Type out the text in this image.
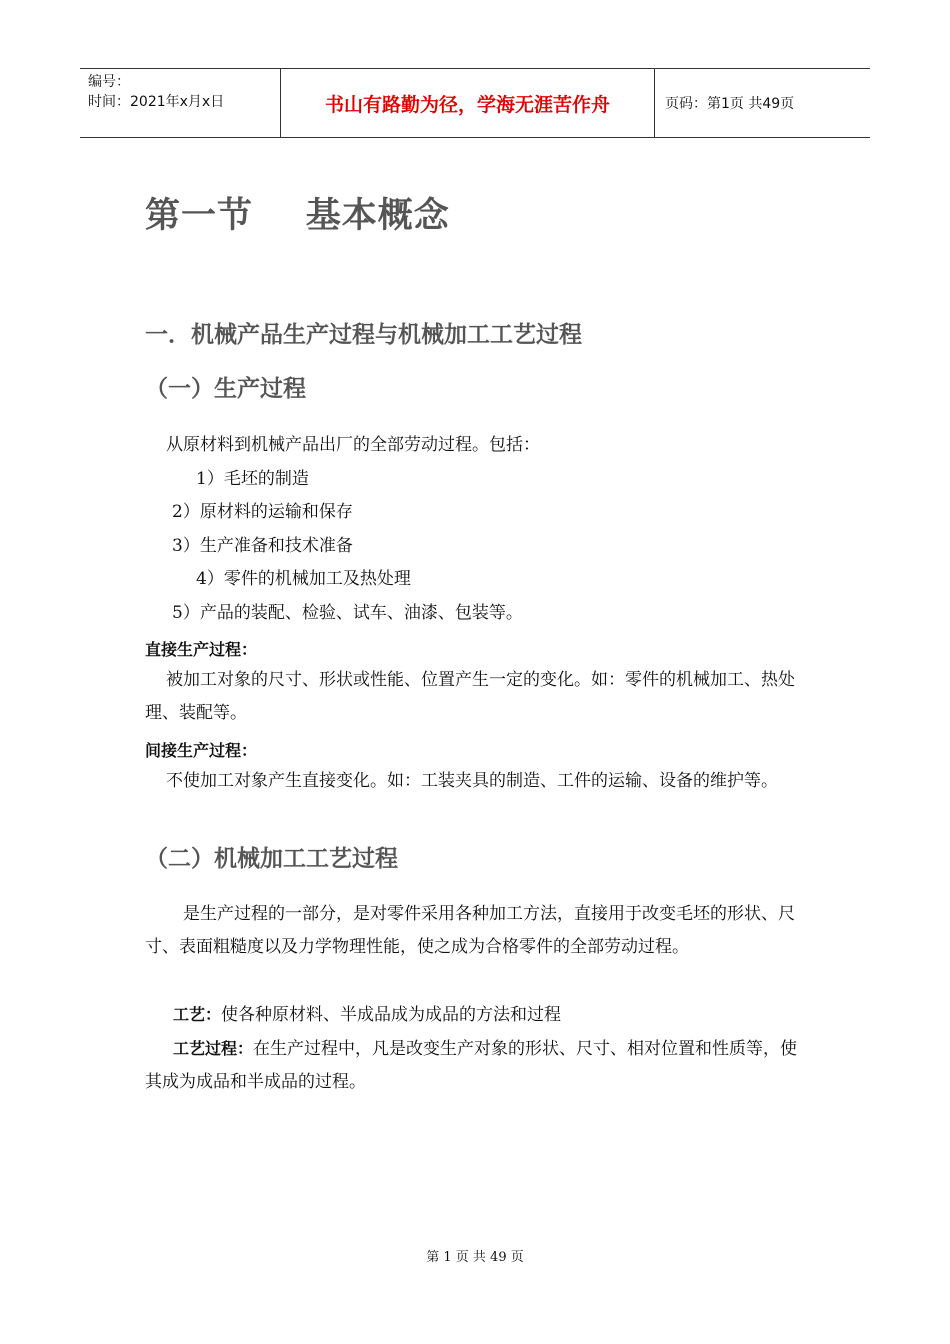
编号：
时间：2021年x月x日	书山有路勤为径，学海无涯苦作舟	页码：第1页 共49页
第一节    基本概念
一．机械产品生产过程与机械加工工艺过程
（一）生产过程
从原材料到机械产品出厂的全部劳动过程。包括：
1）毛坯的制造
2）原材料的运输和保存
3）生产准备和技术准备
4）零件的机械加工及热处理
5）产品的装配、检验、试车、油漆、包装等。
直接生产过程：
被加工对象的尺寸、形状或性能、位置产生一定的变化。如：零件的机械加工、热处理、装配等。
间接生产过程：
不使加工对象产生直接变化。如：工装夹具的制造、工件的运输、设备的维护等。
（二）机械加工工艺过程
是生产过程的一部分，是对零件采用各种加工方法，直接用于改变毛坯的形状、尺寸、表面粗糙度以及力学物理性能，使之成为合格零件的全部劳动过程。
工艺：使各种原材料、半成品成为成品的方法和过程
工艺过程：在生产过程中，凡是改变生产对象的形状、尺寸、相对位置和性质等，使其成为成品和半成品的过程。
第 1 页 共 49 页
